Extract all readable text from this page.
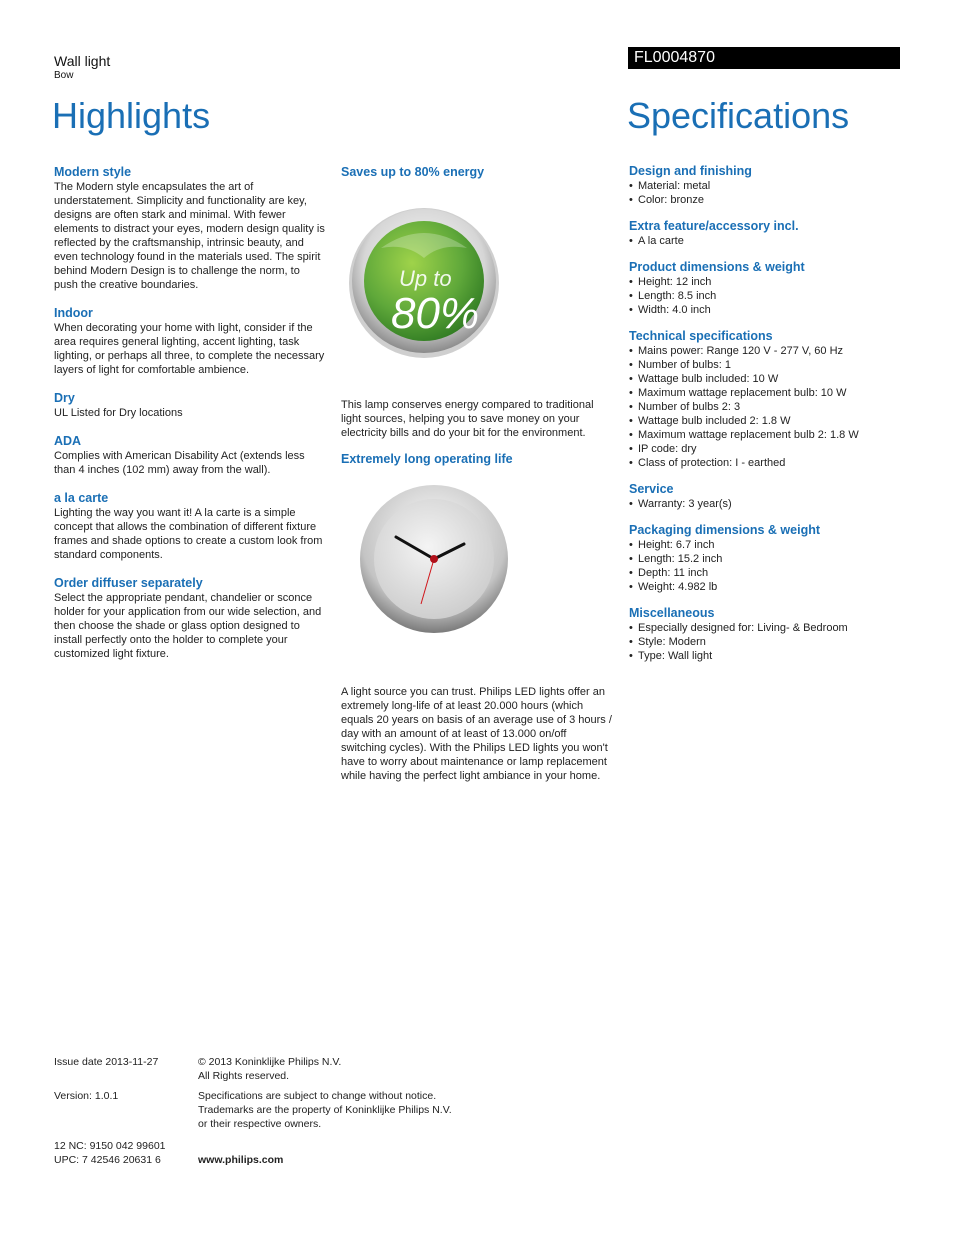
Wall light
Bow
Highlights
FL0004870
Specifications
Modern style

The Modern style encapsulates the art of understatement. Simplicity and functionality are key, designs are often stark and minimal. With fewer elements to distract your eyes, modern design quality is reflected by the craftsmanship, intrinsic beauty, and even technology found in the materials used. The spirit behind Modern Design is to challenge the norm, to push the creative boundaries.

Indoor

When decorating your home with light, consider if the area requires general lighting, accent lighting, task lighting, or perhaps all three, to complete the necessary layers of light for comfortable ambience.

Dry

UL Listed for Dry locations

ADA

Complies with American Disability Act (extends less than 4 inches (102 mm) away from the wall).

a la carte

Lighting the way you want it! A la carte is a simple concept that allows the combination of different fixture frames and shade options to create a custom look from standard components.

Order diffuser separately

Select the appropriate pendant, chandelier or sconce holder for your application from our wide selection, and then choose the shade or glass option designed to install perfectly onto the holder to complete your customized light fixture.

Saves up to 80% energy
Up to
80%

This lamp conserves energy compared to traditional light sources, helping you to save money on your electricity bills and do your bit for the environment.

Extremely long operating life

A light source you can trust. Philips LED lights offer an extremely long-life of at least 20.000 hours (which equals 20 years on basis of an average use of 3 hours / day with an amount of at least of 13.000 on/off switching cycles). With the Philips LED lights you won't have to worry about maintenance or lamp replacement while having the perfect light ambiance in your home.

Design and finishing
• Material: metal
• Color: bronze
Extra feature/accessory incl.
• A la carte
Product dimensions & weight
• Height: 12 inch
• Length: 8.5 inch
• Width: 4.0 inch
Technical specifications
• Mains power: Range 120 V - 277 V, 60 Hz
• Number of bulbs: 1
• Wattage bulb included: 10 W
• Maximum wattage replacement bulb: 10 W
• Number of bulbs 2: 3
• Wattage bulb included 2: 1.8 W
• Maximum wattage replacement bulb 2: 1.8 W
• IP code: dry
• Class of protection: I - earthed
Service
• Warranty: 3 year(s)
Packaging dimensions & weight
• Height: 6.7 inch
• Length: 15.2 inch
• Depth: 11 inch
• Weight: 4.982 lb
Miscellaneous
• Especially designed for: Living- & Bedroom
• Style: Modern
• Type: Wall light
Issue date 2013-11-27
Version: 1.0.1
12 NC: 9150 042 99601
UPC: 7 42546 20631 6
© 2013 Koninklijke Philips N.V.
All Rights reserved.
Specifications are subject to change without notice.
Trademarks are the property of Koninklijke Philips N.V.
or their respective owners.
www.philips.com
